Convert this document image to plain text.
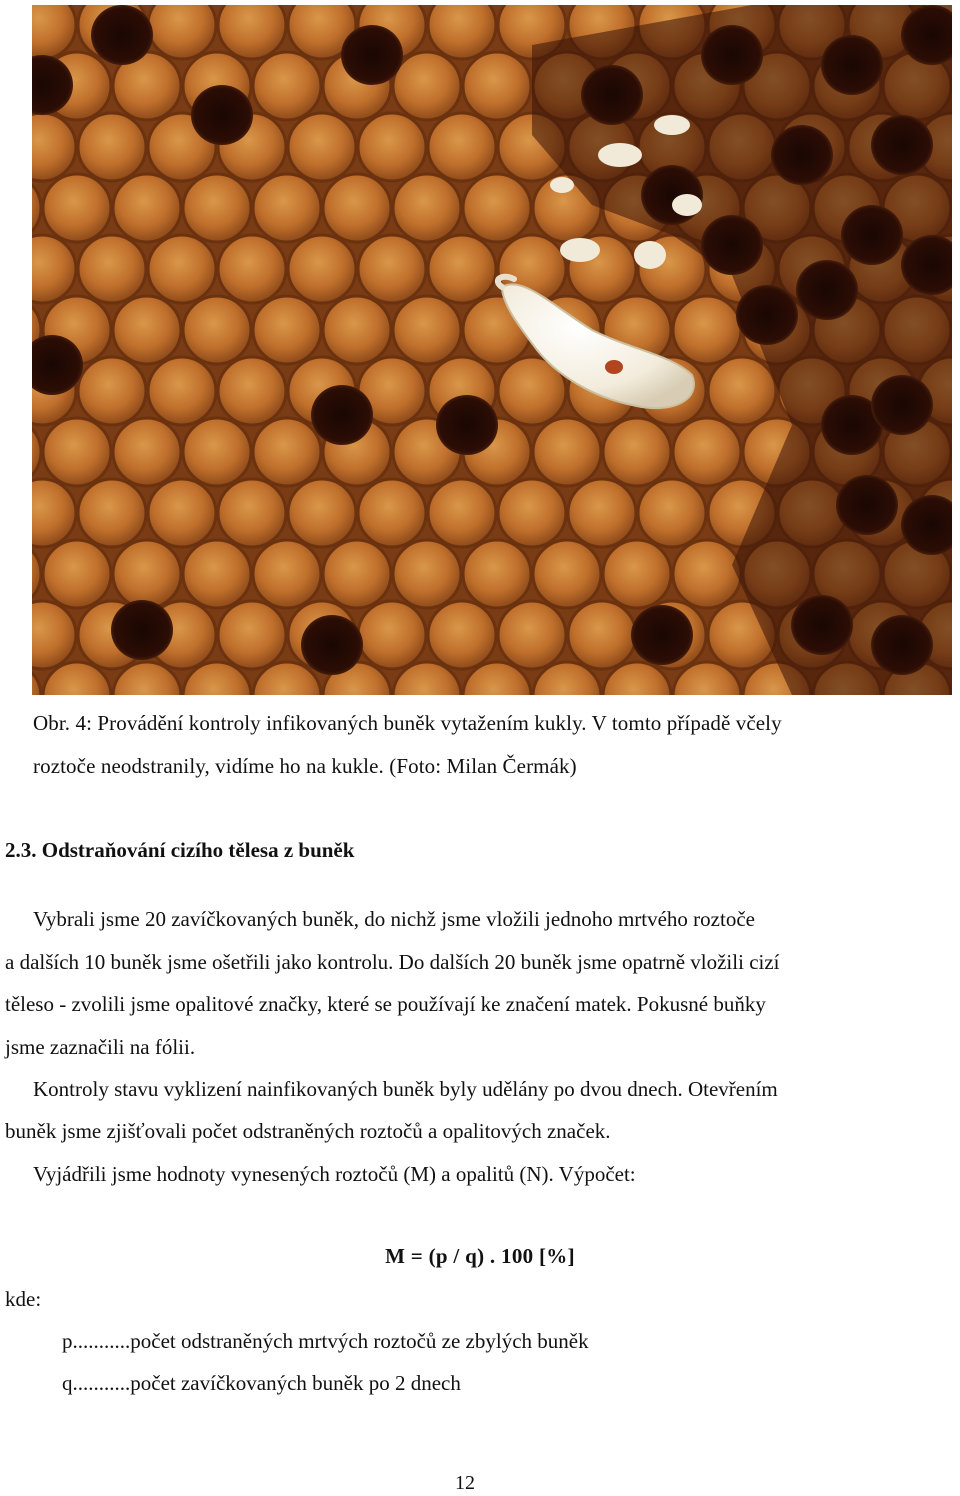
Obr. 4: Provádění kontroly infikovaných buněk vytažením kukly. V tomto případě včely
roztoče neodstranily, vidíme ho na kukle. (Foto: Milan Čermák)
2.3. Odstraňování cizího tělesa z buněk
Vybrali jsme 20 zavíčkovaných buněk, do nichž jsme vložili jednoho mrtvého roztoče
a dalších 10 buněk jsme ošetřili jako kontrolu. Do dalších 20 buněk jsme opatrně vložili cizí
těleso - zvolili jsme opalitové značky, které se používají ke značení matek. Pokusné buňky
jsme zaznačili na fólii.
Kontroly stavu vyklizení nainfikovaných buněk byly udělány po dvou dnech. Otevřením
buněk jsme zjišťovali počet odstraněných roztočů a opalitových značek.
Vyjádřili jsme hodnoty vynesených roztočů (M) a opalitů (N). Výpočet:
M = (p / q) . 100 [%]
kde:
p...........počet odstraněných mrtvých roztočů ze zbylých buněk
q...........počet zavíčkovaných buněk po 2 dnech
12
